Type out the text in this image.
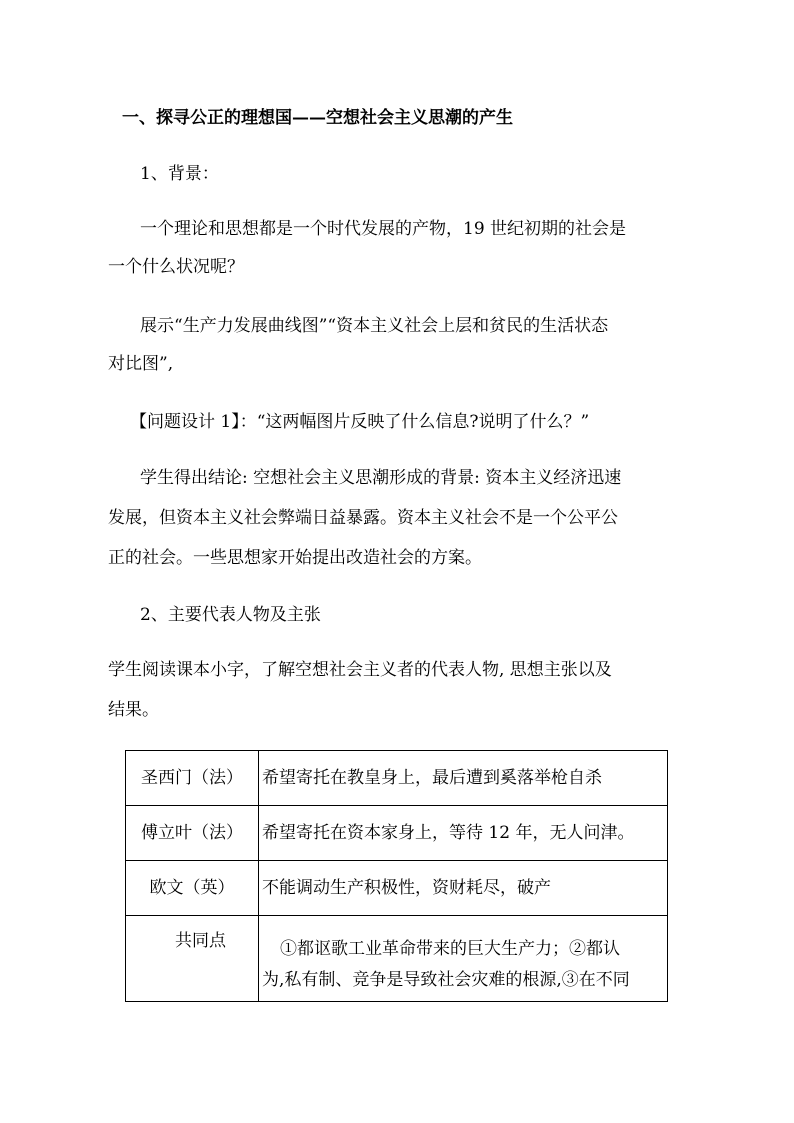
一、探寻公正的理想国——空想社会主义思潮的产生
1、背景：
一个理论和思想都是一个时代发展的产物，19 世纪初期的社会是
一个什么状况呢？
展示“生产力发展曲线图”“资本主义社会上层和贫民的生活状态
对比图”,
【问题设计 1】：“这两幅图片反映了什么信息?说明了什么？”
学生得出结论: 空想社会主义思潮形成的背景: 资本主义经济迅速
发展，但资本主义社会弊端日益暴露。资本主义社会不是一个公平公
正的社会。一些思想家开始提出改造社会的方案。
2、主要代表人物及主张
学生阅读课本小字，了解空想社会主义者的代表人物, 思想主张以及
结果。
圣西门（法）	希望寄托在教皇身上，最后遭到奚落举枪自杀
傅立叶（法）	希望寄托在资本家身上，等待 12 年，无人问津。
欧文（英）	不能调动生产积极性，资财耗尽，破产
共同点	①都讴歌工业革命带来的巨大生产力；②都认
为,私有制、竞争是导致社会灾难的根源,③在不同
